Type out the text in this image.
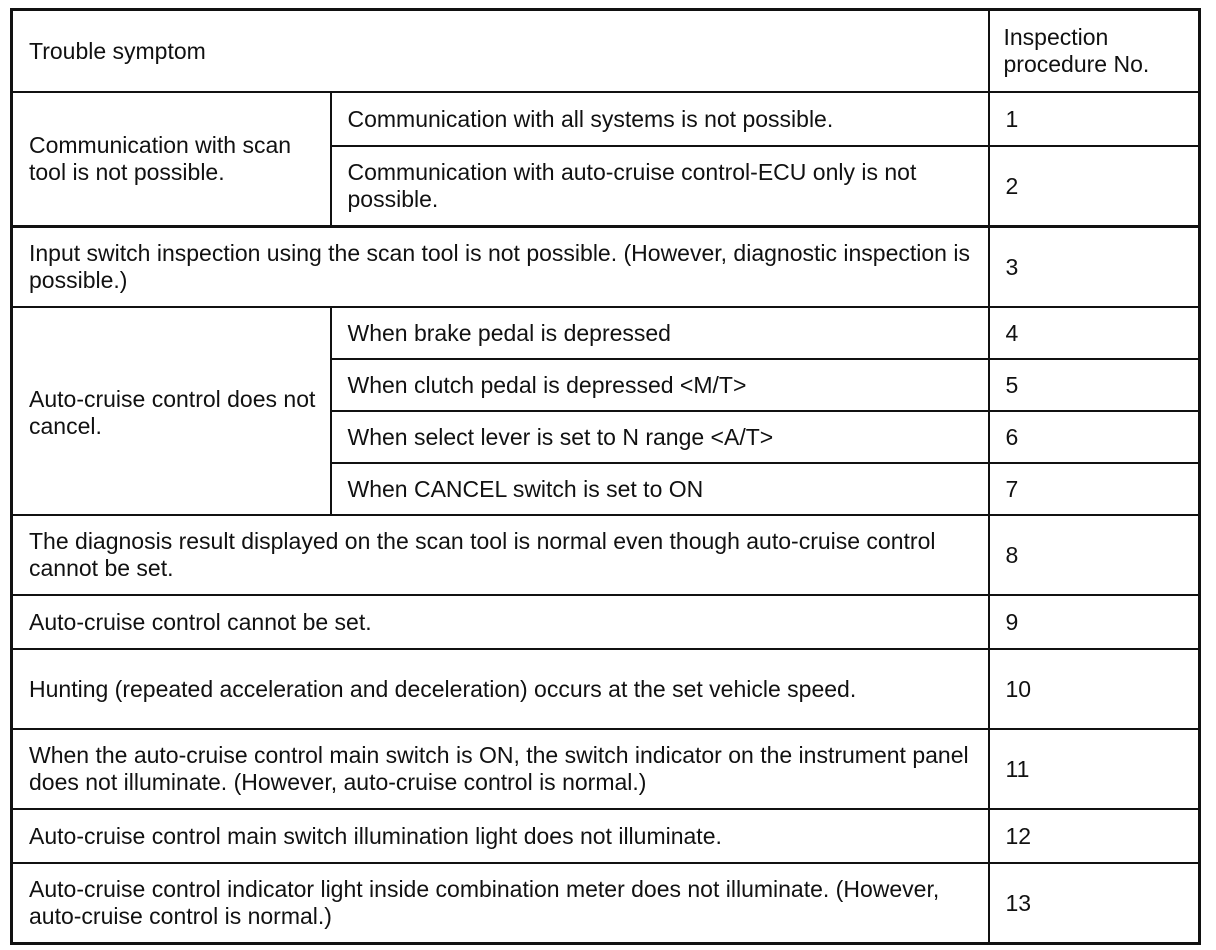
Trouble symptom		Inspection
procedure No.
Communication with scan tool is not possible.	Communication with all systems is not possible.	1
	Communication with auto-cruise control-ECU only is not possible.	2
Input switch inspection using the scan tool is not possible. (However, diagnostic inspection is possible.)		3
Auto-cruise control does not cancel.	When brake pedal is depressed	4
	When clutch pedal is depressed <M/T>	5
	When select lever is set to N range <A/T>	6
	When CANCEL switch is set to ON	7
The diagnosis result displayed on the scan tool is normal even though auto-cruise control cannot be set.		8
Auto-cruise control cannot be set.		9
Hunting (repeated acceleration and deceleration) occurs at the set vehicle speed.		10
When the auto-cruise control main switch is ON, the switch indicator on the instrument panel does not illuminate. (However, auto-cruise control is normal.)		11
Auto-cruise control main switch illumination light does not illuminate.		12
Auto-cruise control indicator light inside combination meter does not illuminate. (However, auto-cruise control is normal.)		13
